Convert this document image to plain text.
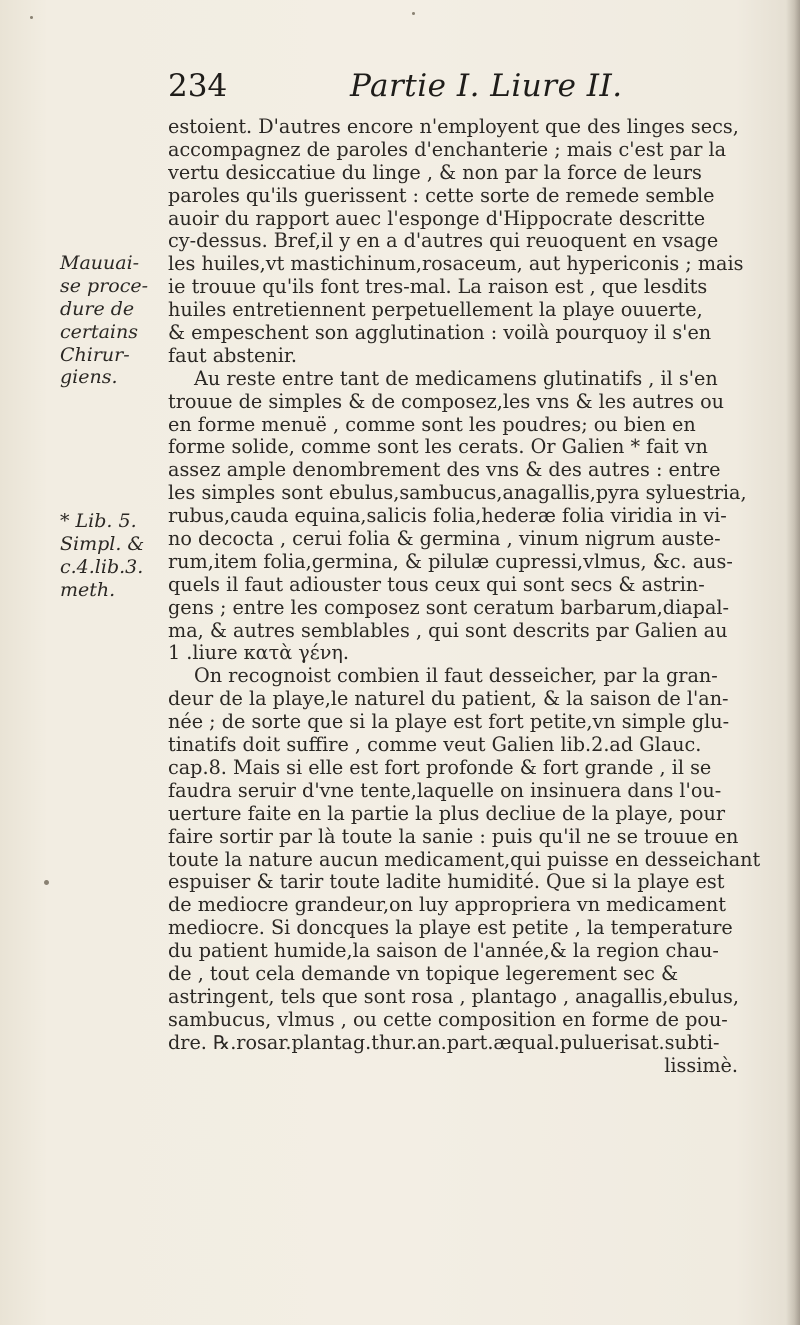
234	Partie I. Liure II.
Mauuai-
se proce-
dure de
certains
Chirur-
giens.
* Lib. 5.
Simpl. &
c.4.lib.3.
meth.
estoient. D'autres encore n'employent que des linges secs,
accompagnez de paroles d'enchanterie ; mais c'est par la
vertu desiccatiue du linge , & non par la force de leurs
paroles qu'ils guerissent : cette sorte de remede semble
auoir du rapport auec l'esponge d'Hippocrate descritte
cy-dessus. Bref,il y en a d'autres qui reuoquent en vsage
les huiles,vt mastichinum,rosaceum, aut hypericonis ; mais
ie trouue qu'ils font tres-mal. La raison est , que lesdits
huiles entretiennent perpetuellement la playe ouuerte,
& empeschent son agglutination : voilà pourquoy il s'en
faut abstenir.
Au reste entre tant de medicamens glutinatifs , il s'en
trouue de simples & de composez,les vns & les autres ou
en forme menuë , comme sont les poudres; ou bien en
forme solide, comme sont les cerats. Or Galien * fait vn
assez ample denombrement des vns & des autres : entre
les simples sont ebulus,sambucus,anagallis,pyra syluestria,
rubus,cauda equina,salicis folia,hederæ folia viridia in vi-
no decocta , cerui folia & germina , vinum nigrum auste-
rum,item folia,germina, & pilulæ cupressi,vlmus, &c. aus-
quels il faut adiouster tous ceux qui sont secs & astrin-
gens ; entre les composez sont ceratum barbarum,diapal-
ma, & autres semblables , qui sont descrits par Galien au
1 .liure κατὰ γένη.
On recognoist combien il faut desseicher, par la gran-
deur de la playe,le naturel du patient, & la saison de l'an-
née ; de sorte que si la playe est fort petite,vn simple glu-
tinatifs doit suffire , comme veut Galien lib.2.ad Glauc.
cap.8. Mais si elle est fort profonde & fort grande , il se
faudra seruir d'vne tente,laquelle on insinuera dans l'ou-
uerture faite en la partie la plus decliue de la playe, pour
faire sortir par là toute la sanie : puis qu'il ne se trouue en
toute la nature aucun medicament,qui puisse en desseichant
espuiser & tarir toute ladite humidité. Que si la playe est
de mediocre grandeur,on luy appropriera vn medicament
mediocre. Si doncques la playe est petite , la temperature
du patient humide,la saison de l'année,& la region chau-
de , tout cela demande vn topique legerement sec &
astringent, tels que sont rosa , plantago , anagallis,ebulus,
sambucus, vlmus , ou cette composition en forme de pou-
dre. ℞.rosar.plantag.thur.an.part.æqual.puluerisat.subti-
lissimè.
